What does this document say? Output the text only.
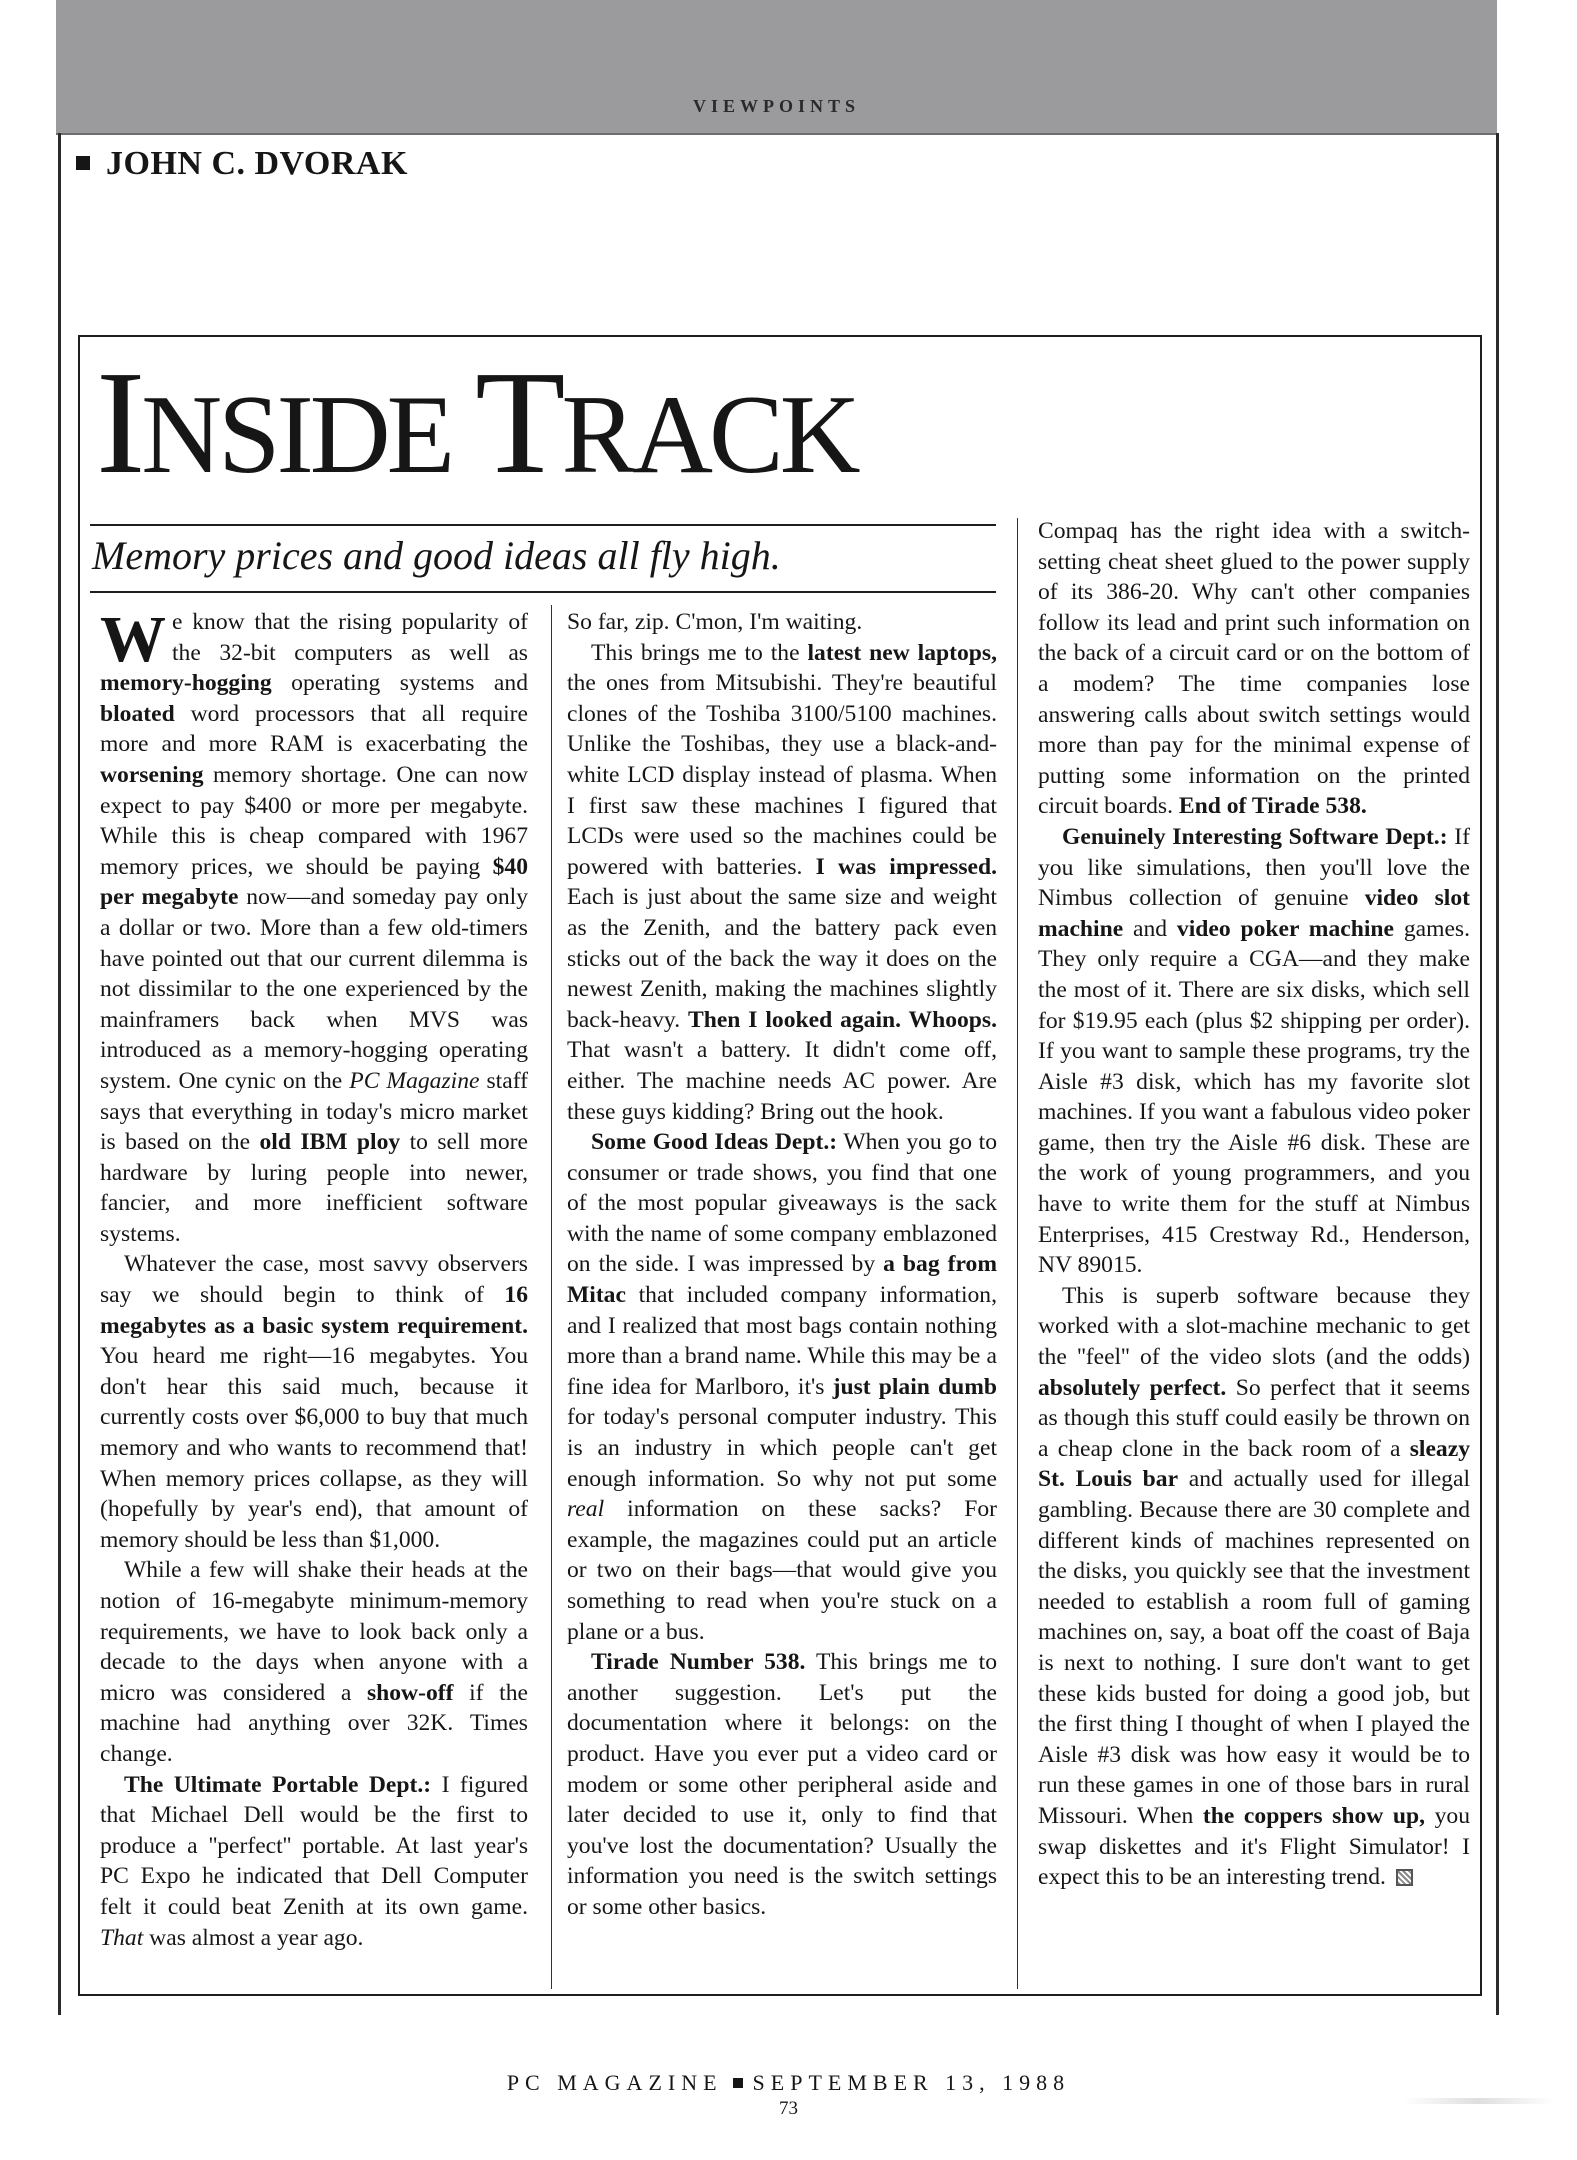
VIEWPOINTS
JOHN C. DVORAK
INSIDE TRACK
Memory prices and good ideas all fly high.

We know that the rising popularity of the 32-bit computers as well as memory-hogging operating systems and bloated word processors that all require more and more RAM is exacerbating the worsening memory shortage. One can now expect to pay $400 or more per megabyte. While this is cheap compared with 1967 memory prices, we should be paying $40 per megabyte now—and someday pay only a dollar or two. More than a few old-timers have pointed out that our current dilemma is not dissimilar to the one experienced by the mainframers back when MVS was introduced as a memory-hogging operating system. One cynic on the PC Magazine staff says that everything in today's micro market is based on the old IBM ploy to sell more hardware by luring people into newer, fancier, and more inefficient software systems.

Whatever the case, most savvy observers say we should begin to think of 16 megabytes as a basic system requirement. You heard me right—16 megabytes. You don't hear this said much, because it currently costs over $6,000 to buy that much memory and who wants to recommend that! When memory prices collapse, as they will (hopefully by year's end), that amount of memory should be less than $1,000.

While a few will shake their heads at the notion of 16-megabyte minimum-memory requirements, we have to look back only a decade to the days when anyone with a micro was considered a show-off if the machine had anything over 32K. Times change.

The Ultimate Portable Dept.: I figured that Michael Dell would be the first to produce a ''perfect'' portable. At last year's PC Expo he indicated that Dell Computer felt it could beat Zenith at its own game. That was almost a year ago.

So far, zip. C'mon, I'm waiting.

This brings me to the latest new laptops, the ones from Mitsubishi. They're beautiful clones of the Toshiba 3100/5100 machines. Unlike the Toshibas, they use a black-and-white LCD display instead of plasma. When I first saw these machines I figured that LCDs were used so the machines could be powered with batteries. I was impressed. Each is just about the same size and weight as the Zenith, and the battery pack even sticks out of the back the way it does on the newest Zenith, making the machines slightly back-heavy. Then I looked again. Whoops. That wasn't a battery. It didn't come off, either. The machine needs AC power. Are these guys kidding? Bring out the hook.

Some Good Ideas Dept.: When you go to consumer or trade shows, you find that one of the most popular giveaways is the sack with the name of some company emblazoned on the side. I was impressed by a bag from Mitac that included company information, and I realized that most bags contain nothing more than a brand name. While this may be a fine idea for Marlboro, it's just plain dumb for today's personal computer industry. This is an industry in which people can't get enough information. So why not put some real information on these sacks? For example, the magazines could put an article or two on their bags—that would give you something to read when you're stuck on a plane or a bus.

Tirade Number 538. This brings me to another suggestion. Let's put the documentation where it belongs: on the product. Have you ever put a video card or modem or some other peripheral aside and later decided to use it, only to find that you've lost the documentation? Usually the information you need is the switch settings or some other basics.

Compaq has the right idea with a switch-setting cheat sheet glued to the power supply of its 386-20. Why can't other companies follow its lead and print such information on the back of a circuit card or on the bottom of a modem? The time companies lose answering calls about switch settings would more than pay for the minimal expense of putting some information on the printed circuit boards. End of Tirade 538.

Genuinely Interesting Software Dept.: If you like simulations, then you'll love the Nimbus collection of genuine video slot machine and video poker machine games. They only require a CGA—and they make the most of it. There are six disks, which sell for $19.95 each (plus $2 shipping per order). If you want to sample these programs, try the Aisle #3 disk, which has my favorite slot machines. If you want a fabulous video poker game, then try the Aisle #6 disk. These are the work of young programmers, and you have to write them for the stuff at Nimbus Enterprises, 415 Crestway Rd., Henderson, NV 89015.

This is superb software because they worked with a slot-machine mechanic to get the ''feel'' of the video slots (and the odds) absolutely perfect. So perfect that it seems as though this stuff could easily be thrown on a cheap clone in the back room of a sleazy St. Louis bar and actually used for illegal gambling. Because there are 30 complete and different kinds of machines represented on the disks, you quickly see that the investment needed to establish a room full of gaming machines on, say, a boat off the coast of Baja is next to nothing. I sure don't want to get these kids busted for doing a good job, but the first thing I thought of when I played the Aisle #3 disk was how easy it would be to run these games in one of those bars in rural Missouri. When the coppers show up, you swap diskettes and it's Flight Simulator! I expect this to be an interesting trend.

PC MAGAZINE SEPTEMBER 13, 1988
73
